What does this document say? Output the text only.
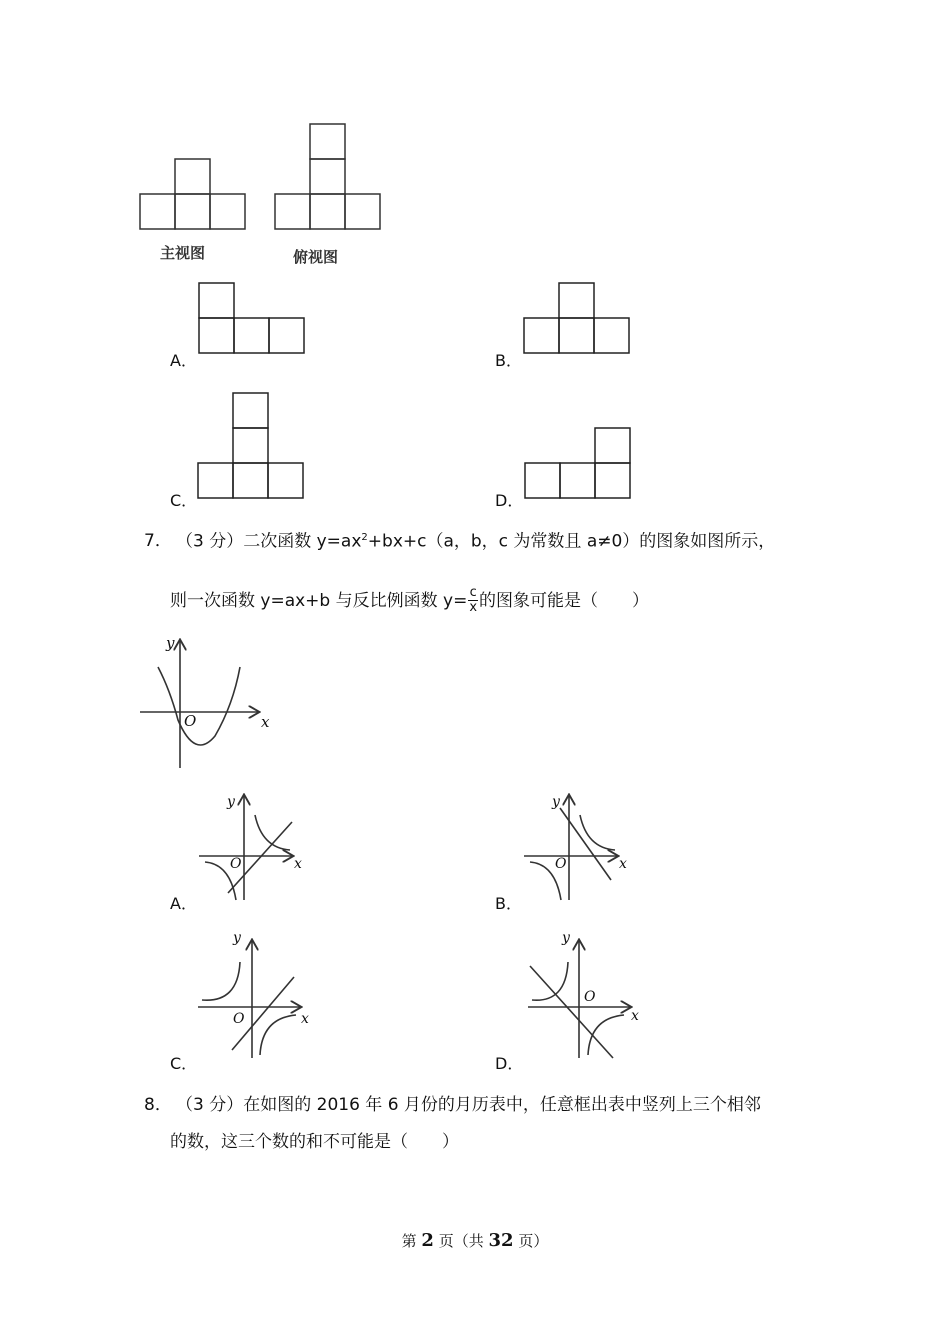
主视图	俯视图
A．	B．
C．	D．
7． （3 分）二次函数 $y=ax^2+bx+c(a$，b，c 为常数且 a≠0）的图象如图所示，
则一次函数 y=ax+b 与反比例函数 $y= \frac{c}{x}$ 的图象可能是（　　）
y
x
O
y
x
O
A．
y
x
O
B．
y
x
O
C．
y
x
O
D．
8． （3 分）在如图的 2016 年 6 月份的月历表中，任意框出表中竖列上三个相邻
的数，这三个数的和不可能是（　　）
第 2 页（共 32 页）
